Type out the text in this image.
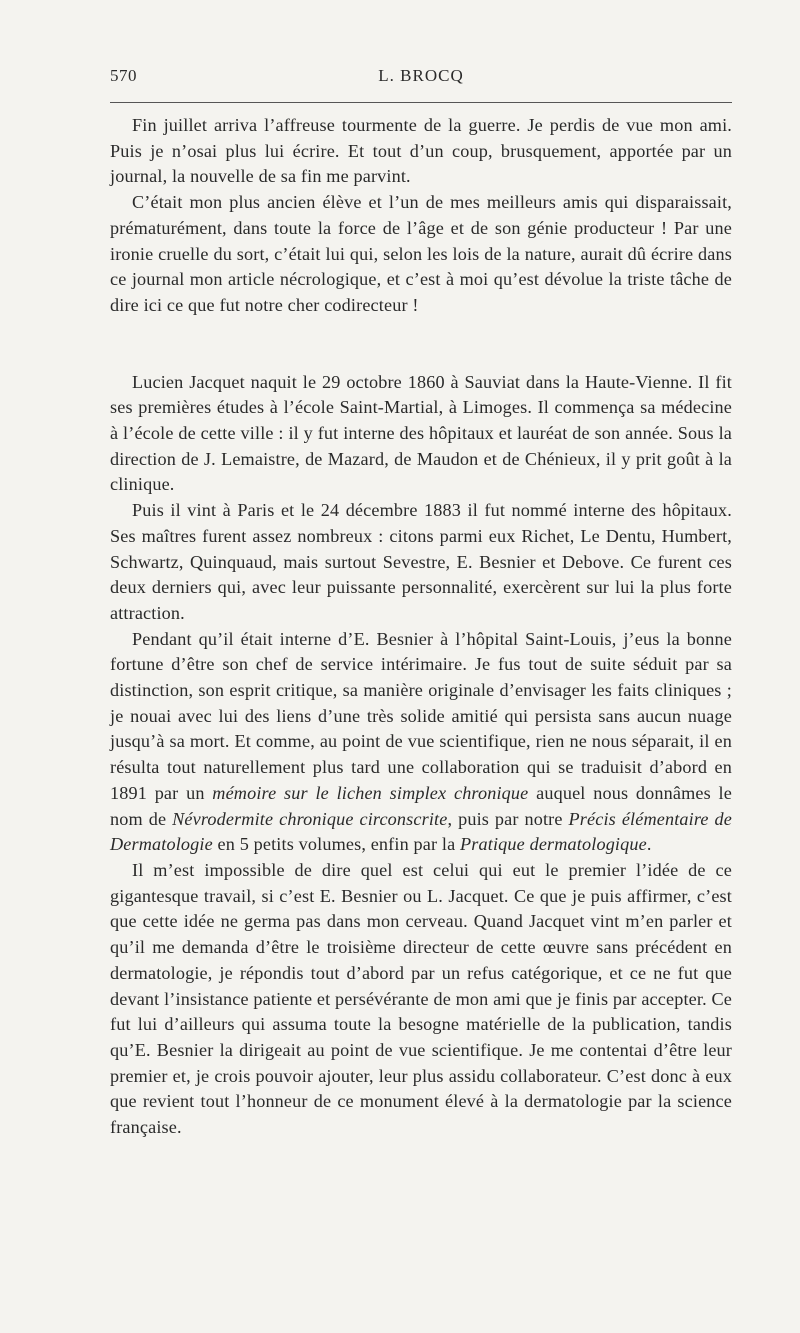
570	L. BROCQ

Fin juillet arriva l’affreuse tourmente de la guerre. Je perdis de vue mon ami. Puis je n’osai plus lui écrire. Et tout d’un coup, brusquement, apportée par un journal, la nouvelle de sa fin me parvint.

C’était mon plus ancien élève et l’un de mes meilleurs amis qui disparaissait, prématurément, dans toute la force de l’âge et de son génie producteur ! Par une ironie cruelle du sort, c’était lui qui, selon les lois de la nature, aurait dû écrire dans ce journal mon article nécrologique, et c’est à moi qu’est dévolue la triste tâche de dire ici ce que fut notre cher codirecteur !

Lucien Jacquet naquit le 29 octobre 1860 à Sauviat dans la Haute-Vienne. Il fit ses premières études à l’école Saint-Martial, à Limoges. Il commença sa médecine à l’école de cette ville : il y fut interne des hôpitaux et lauréat de son année. Sous la direction de J. Lemaistre, de Mazard, de Maudon et de Chénieux, il y prit goût à la clinique.

Puis il vint à Paris et le 24 décembre 1883 il fut nommé interne des hôpitaux. Ses maîtres furent assez nombreux : citons parmi eux Richet, Le Dentu, Humbert, Schwartz, Quinquaud, mais surtout Sevestre, E. Besnier et Debove. Ce furent ces deux derniers qui, avec leur puissante personnalité, exercèrent sur lui la plus forte attraction.

Pendant qu’il était interne d’E. Besnier à l’hôpital Saint-Louis, j’eus la bonne fortune d’être son chef de service intérimaire. Je fus tout de suite séduit par sa distinction, son esprit critique, sa manière originale d’envisager les faits cliniques ; je nouai avec lui des liens d’une très solide amitié qui persista sans aucun nuage jusqu’à sa mort. Et comme, au point de vue scientifique, rien ne nous séparait, il en résulta tout naturellement plus tard une collaboration qui se traduisit d’abord en 1891 par un mémoire sur le lichen simplex chronique auquel nous donnâmes le nom de Névrodermite chronique circonscrite, puis par notre Précis élémentaire de Dermatologie en 5 petits volumes, enfin par la Pratique dermatologique.

Il m’est impossible de dire quel est celui qui eut le premier l’idée de ce gigantesque travail, si c’est E. Besnier ou L. Jacquet. Ce que je puis affirmer, c’est que cette idée ne germa pas dans mon cerveau. Quand Jacquet vint m’en parler et qu’il me demanda d’être le troisième directeur de cette œuvre sans précédent en dermatologie, je répondis tout d’abord par un refus catégorique, et ce ne fut que devant l’insistance patiente et persévérante de mon ami que je finis par accepter. Ce fut lui d’ailleurs qui assuma toute la besogne matérielle de la publication, tandis qu’E. Besnier la dirigeait au point de vue scientifique. Je me contentai d’être leur premier et, je crois pouvoir ajouter, leur plus assidu collaborateur. C’est donc à eux que revient tout l’honneur de ce monument élevé à la dermatologie par la science française.
